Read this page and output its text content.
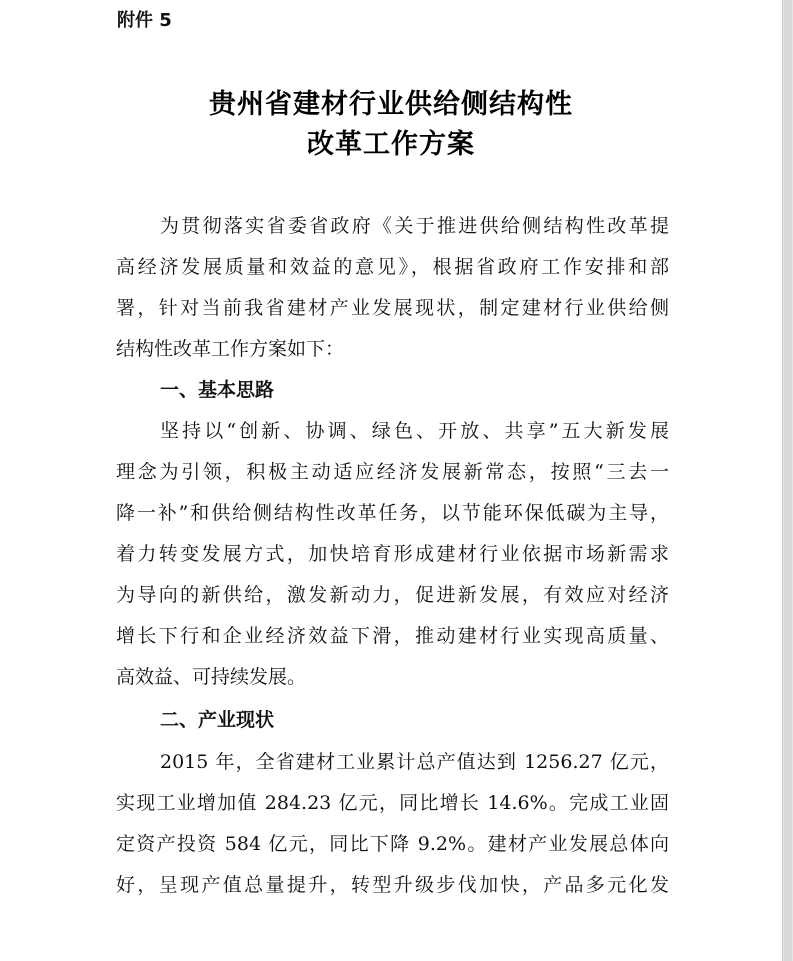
附件 5
贵州省建材行业供给侧结构性
改革工作方案
为贯彻落实省委省政府《关于推进供给侧结构性改革提
高经济发展质量和效益的意见》，根据省政府工作安排和部
署，针对当前我省建材产业发展现状，制定建材行业供给侧
结构性改革工作方案如下：
一、基本思路
坚持以“创新、协调、绿色、开放、共享”五大新发展
理念为引领，积极主动适应经济发展新常态，按照“三去一
降一补”和供给侧结构性改革任务，以节能环保低碳为主导，
着力转变发展方式，加快培育形成建材行业依据市场新需求
为导向的新供给，激发新动力，促进新发展，有效应对经济
增长下行和企业经济效益下滑，推动建材行业实现高质量、
高效益、可持续发展。
二、产业现状
2015 年，全省建材工业累计总产值达到 1256.27 亿元，
实现工业增加值 284.23 亿元，同比增长 14.6%。完成工业固
定资产投资 584 亿元，同比下降 9.2%。建材产业发展总体向
好，呈现产值总量提升，转型升级步伐加快，产品多元化发
